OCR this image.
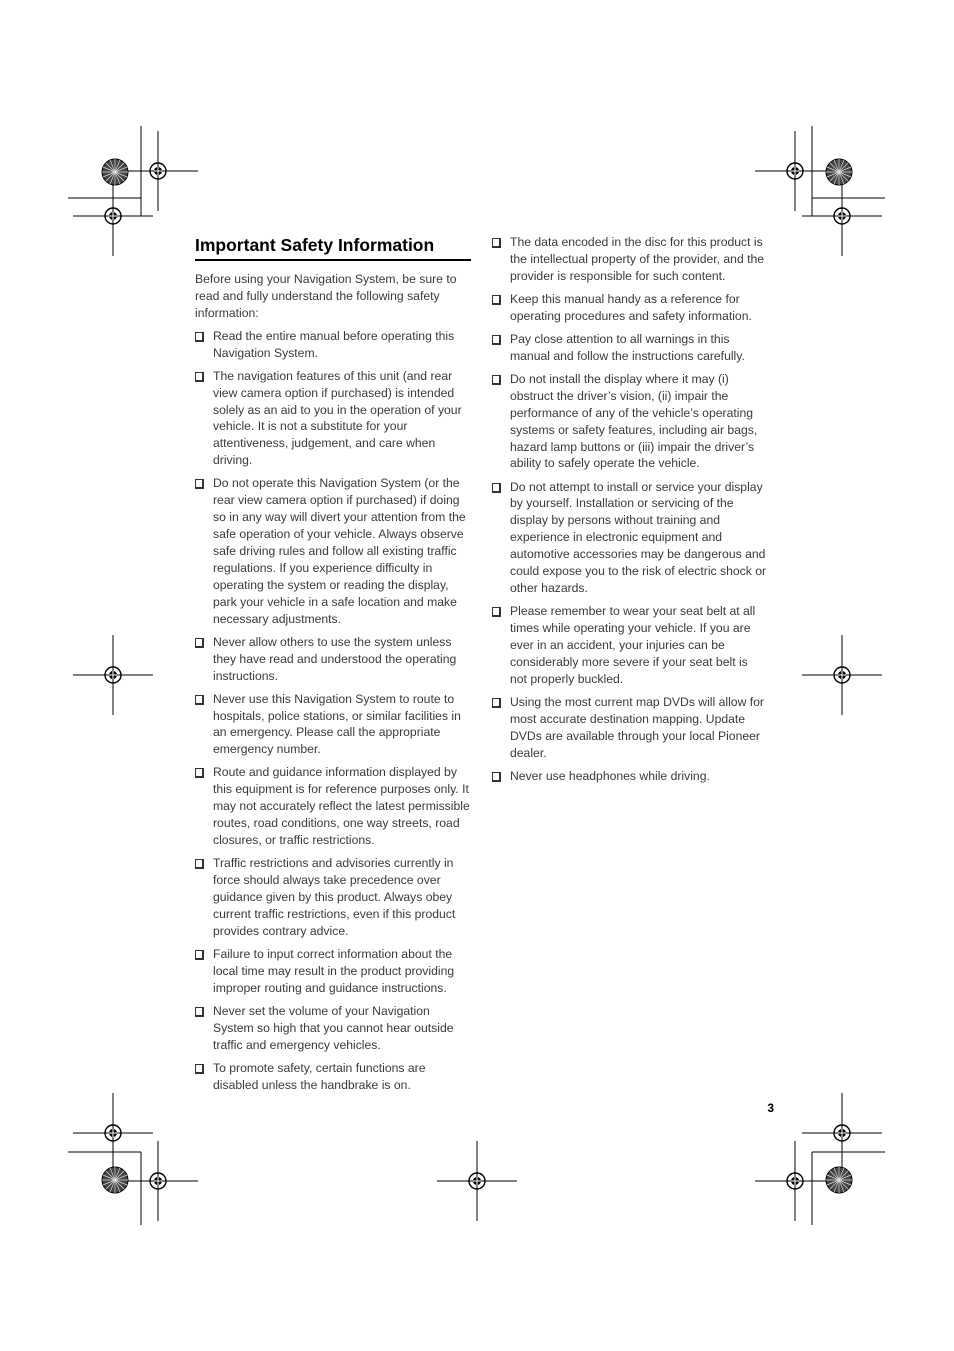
Important Safety Information

Before using your Navigation System, be sure to read and fully understand the following safety information:

Read the entire manual before operating this Navigation System.
The navigation features of this unit (and rear view camera option if purchased) is intended solely as an aid to you in the operation of your vehicle. It is not a substitute for your attentiveness, judgement, and care when driving.
Do not operate this Navigation System (or the rear view camera option if purchased) if doing so in any way will divert your attention from the safe operation of your vehicle. Always observe safe driving rules and follow all existing traffic regulations. If you experience difficulty in operating the system or reading the display, park your vehicle in a safe location and make necessary adjustments.
Never allow others to use the system unless they have read and understood the operating instructions.
Never use this Navigation System to route to hospitals, police stations, or similar facilities in an emergency. Please call the appropriate emergency number.
Route and guidance information displayed by this equipment is for reference purposes only. It may not accurately reflect the latest permissible routes, road conditions, one way streets, road closures, or traffic restrictions.
Traffic restrictions and advisories currently in force should always take precedence over guidance given by this product. Always obey current traffic restrictions, even if this product provides contrary advice.
Failure to input correct information about the local time may result in the product providing improper routing and guidance instructions.
Never set the volume of your Navigation System so high that you cannot hear outside traffic and emergency vehicles.
To promote safety, certain functions are disabled unless the handbrake is on.
The data encoded in the disc for this product is the intellectual property of the provider, and the provider is responsible for such content.
Keep this manual handy as a reference for operating procedures and safety information.
Pay close attention to all warnings in this manual and follow the instructions carefully.
Do not install the display where it may (i) obstruct the driver’s vision, (ii) impair the performance of any of the vehicle’s operating systems or safety features, including air bags, hazard lamp buttons or (iii) impair the driver’s ability to safely operate the vehicle.
Do not attempt to install or service your display by yourself. Installation or servicing of the display by persons without training and experience in electronic equipment and automotive accessories may be dangerous and could expose you to the risk of electric shock or other hazards.
Please remember to wear your seat belt at all times while operating your vehicle. If you are ever in an accident, your injuries can be considerably more severe if your seat belt is not properly buckled.
Using the most current map DVDs will allow for most accurate destination mapping. Update DVDs are available through your local Pioneer dealer.
Never use headphones while driving.
3
